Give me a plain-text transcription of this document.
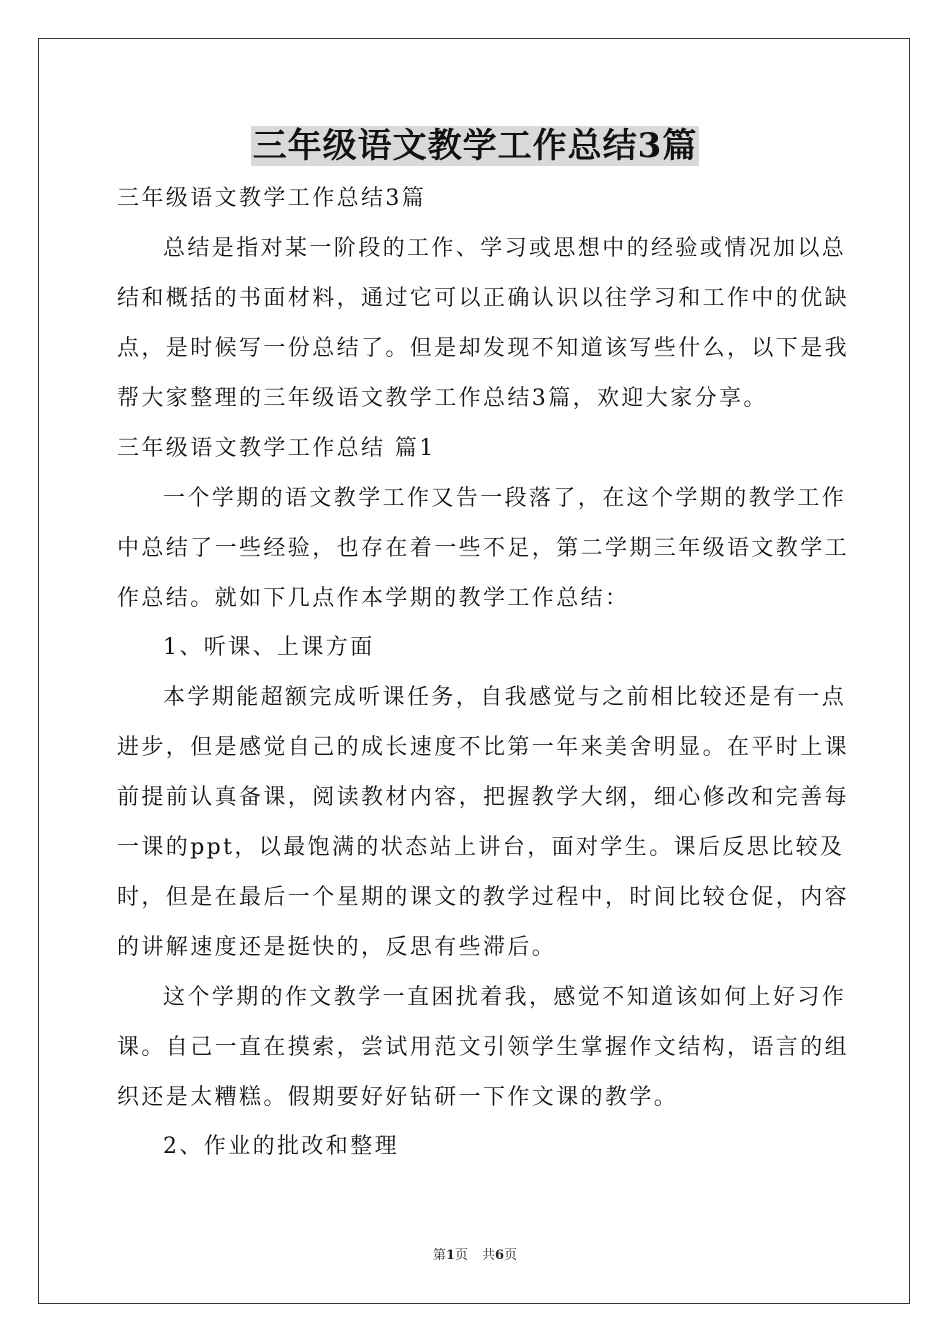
三年级语文教学工作总结3篇
三年级语文教学工作总结3篇
总结是指对某一阶段的工作、学习或思想中的经验或情况加以总
结和概括的书面材料，通过它可以正确认识以往学习和工作中的优缺
点，是时候写一份总结了。但是却发现不知道该写些什么，以下是我
帮大家整理的三年级语文教学工作总结3篇，欢迎大家分享。
三年级语文教学工作总结 篇1
一个学期的语文教学工作又告一段落了，在这个学期的教学工作
中总结了一些经验，也存在着一些不足，第二学期三年级语文教学工
作总结。就如下几点作本学期的教学工作总结：
1、听课、上课方面
本学期能超额完成听课任务，自我感觉与之前相比较还是有一点
进步，但是感觉自己的成长速度不比第一年来美舍明显。在平时上课
前提前认真备课，阅读教材内容，把握教学大纲，细心修改和完善每
一课的ppt，以最饱满的状态站上讲台，面对学生。课后反思比较及
时，但是在最后一个星期的课文的教学过程中，时间比较仓促，内容
的讲解速度还是挺快的，反思有些滞后。
这个学期的作文教学一直困扰着我，感觉不知道该如何上好习作
课。自己一直在摸索，尝试用范文引领学生掌握作文结构，语言的组
织还是太糟糕。假期要好好钻研一下作文课的教学。
2、作业的批改和整理
第1页 共6页
